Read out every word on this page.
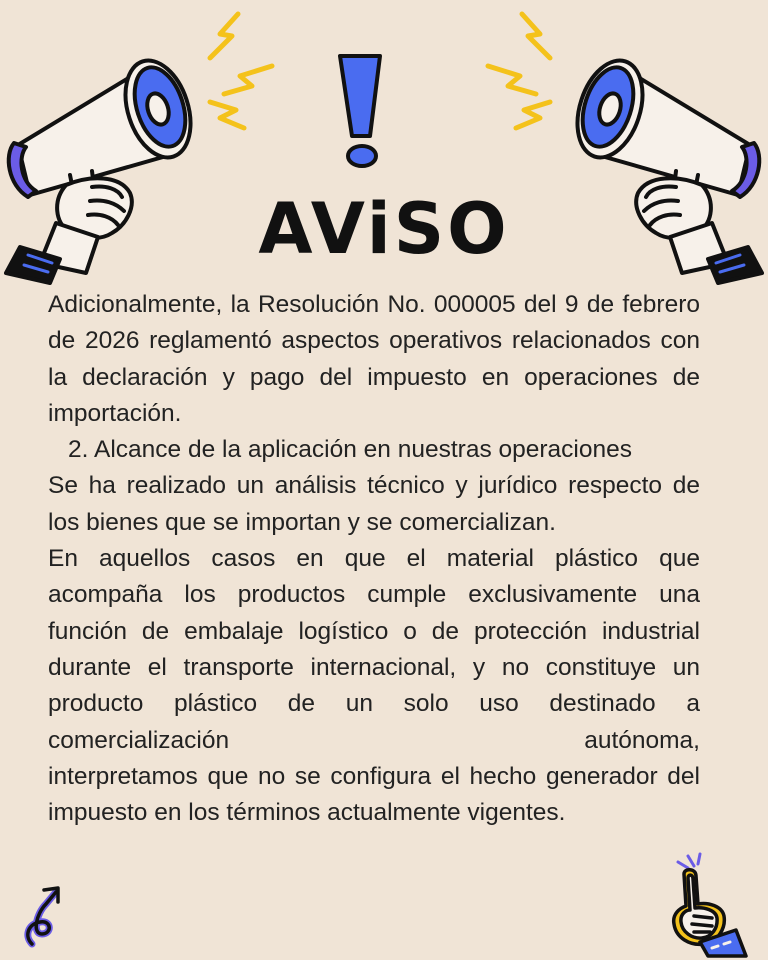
AViSO

Adicionalmente, la Resolución No. 000005 del 9 de febrero de 2026 reglamentó aspectos operativos relacionados con la declaración y pago del impuesto en operaciones de importación.

2. Alcance de la aplicación en nuestras operaciones

Se ha realizado un análisis técnico y jurídico respecto de los bienes que se importan y se comercializan.

En aquellos casos en que el material plástico que acompaña los productos cumple exclusivamente una función de embalaje logístico o de protección industrial durante el transporte internacional, y no constituye un producto plástico de un solo uso destinado a comercialización autónoma,

interpretamos que no se configura el hecho generador del impuesto en los términos actualmente vigentes.
